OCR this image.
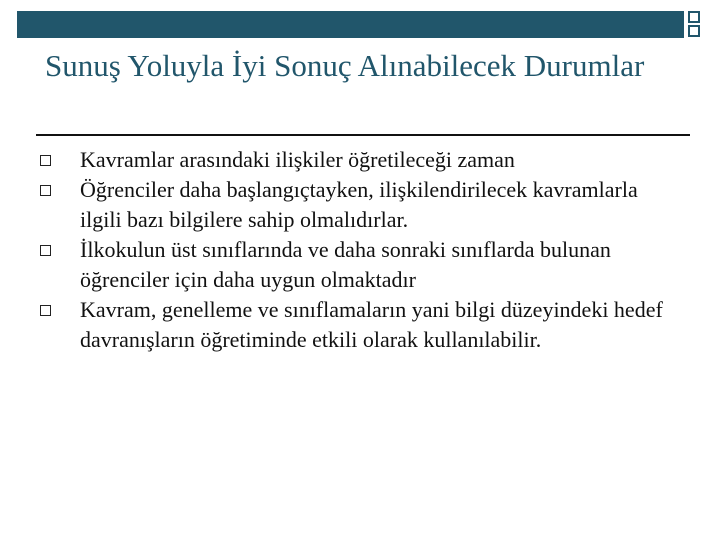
Sunuş Yoluyla İyi Sonuç Alınabilecek Durumlar
Kavramlar arasındaki ilişkiler öğretileceği zaman
Öğrenciler daha başlangıçtayken, ilişkilendirilecek kavramlarla ilgili bazı bilgilere sahip olmalıdırlar.
İlkokulun üst sınıflarında ve daha sonraki sınıflarda bulunan öğrenciler için daha uygun olmaktadır
Kavram, genelleme ve sınıflamaların yani bilgi düzeyindeki hedef davranışların öğretiminde etkili olarak kullanılabilir.
